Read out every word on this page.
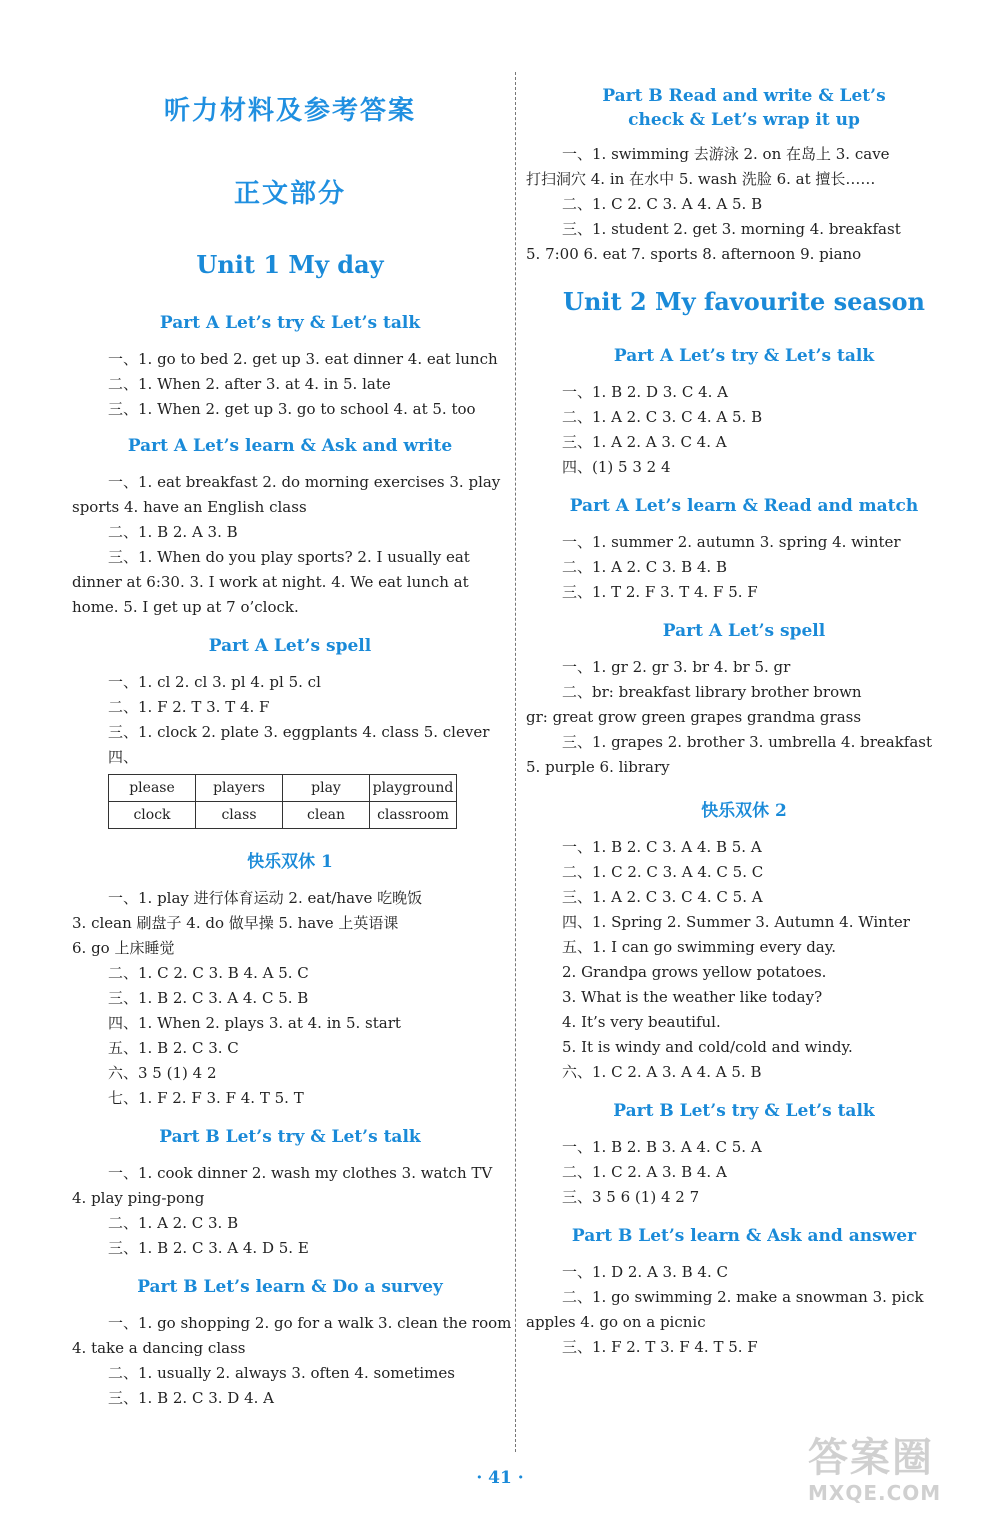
听力材料及参考答案
正文部分
Unit 1 My day
Part A Let’s try & Let’s talk
一、1. go to bed 2. get up 3. eat dinner 4. eat lunch
二、1. When 2. after 3. at 4. in 5. late
三、1. When 2. get up 3. go to school 4. at 5. too
Part A Let’s learn & Ask and write
一、1. eat breakfast 2. do morning exercises 3. play
sports 4. have an English class
二、1. B 2. A 3. B
三、1. When do you play sports? 2. I usually eat
dinner at 6:30. 3. I work at night. 4. We eat lunch at
home. 5. I get up at 7 o’clock.
Part A Let’s spell
一、1. cl 2. cl 3. pl 4. pl 5. cl
二、1. F 2. T 3. T 4. F
三、1. clock 2. plate 3. eggplants 4. class 5. clever
四、
please	players	play	playground
clock	class	clean	classroom
快乐双休 1
一、1. play 进行体育运动 2. eat/have 吃晚饭
3. clean 刷盘子 4. do 做早操 5. have 上英语课
6. go 上床睡觉
二、1. C 2. C 3. B 4. A 5. C
三、1. B 2. C 3. A 4. C 5. B
四、1. When 2. plays 3. at 4. in 5. start
五、1. B 2. C 3. C
六、3 5 (1) 4 2
七、1. F 2. F 3. F 4. T 5. T
Part B Let’s try & Let’s talk
一、1. cook dinner 2. wash my clothes 3. watch TV
4. play ping-pong
二、1. A 2. C 3. B
三、1. B 2. C 3. A 4. D 5. E
Part B Let’s learn & Do a survey
一、1. go shopping 2. go for a walk 3. clean the room
4. take a dancing class
二、1. usually 2. always 3. often 4. sometimes
三、1. B 2. C 3. D 4. A
Part B Read and write & Let’s
check & Let’s wrap it up
一、1. swimming 去游泳 2. on 在岛上 3. cave
打扫洞穴 4. in 在水中 5. wash 洗脸 6. at 擅长……
二、1. C 2. C 3. A 4. A 5. B
三、1. student 2. get 3. morning 4. breakfast
5. 7:00 6. eat 7. sports 8. afternoon 9. piano
Unit 2 My favourite season
Part A Let’s try & Let’s talk
一、1. B 2. D 3. C 4. A
二、1. A 2. C 3. C 4. A 5. B
三、1. A 2. A 3. C 4. A
四、(1) 5 3 2 4
Part A Let’s learn & Read and match
一、1. summer 2. autumn 3. spring 4. winter
二、1. A 2. C 3. B 4. B
三、1. T 2. F 3. T 4. F 5. F
Part A Let’s spell
一、1. gr 2. gr 3. br 4. br 5. gr
二、br: breakfast library brother brown
gr: great grow green grapes grandma grass
三、1. grapes 2. brother 3. umbrella 4. breakfast
5. purple 6. library
快乐双休 2
一、1. B 2. C 3. A 4. B 5. A
二、1. C 2. C 3. A 4. C 5. C
三、1. A 2. C 3. C 4. C 5. A
四、1. Spring 2. Summer 3. Autumn 4. Winter
五、1. I can go swimming every day.
2. Grandpa grows yellow potatoes.
3. What is the weather like today?
4. It’s very beautiful.
5. It is windy and cold/cold and windy.
六、1. C 2. A 3. A 4. A 5. B
Part B Let’s try & Let’s talk
一、1. B 2. B 3. A 4. C 5. A
二、1. C 2. A 3. B 4. A
三、3 5 6 (1) 4 2 7
Part B Let’s learn & Ask and answer
一、1. D 2. A 3. B 4. C
二、1. go swimming 2. make a snowman 3. pick
apples 4. go on a picnic
三、1. F 2. T 3. F 4. T 5. F
· 41 ·	答案圈
MXQE.COM
